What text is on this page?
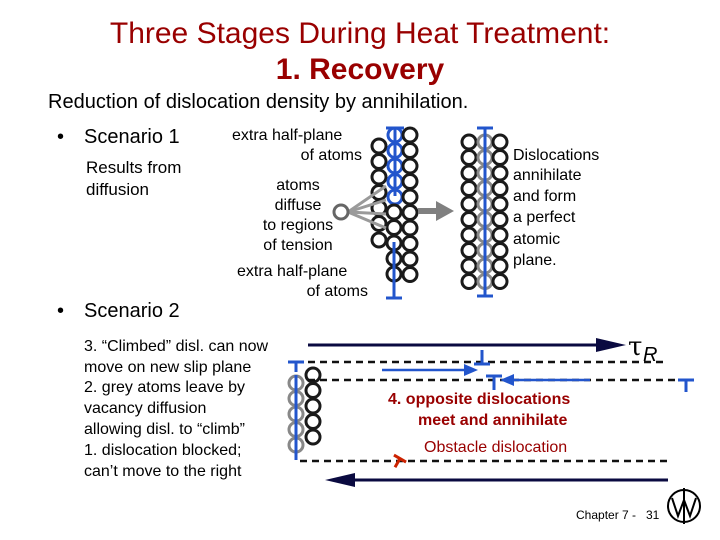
Three Stages During Heat Treatment:
1. Recovery
Reduction of dislocation density by annihilation.
• Scenario 1
Results from
diffusion
extra half-plane
of atoms
atoms
diffuse
to regions
of tension
extra half-plane
of atoms
Dislocations
annihilate
and form
a perfect
atomic
plane.
• Scenario 2
3. “Climbed” disl. can now
move on new slip plane
2. grey atoms leave by
vacancy diffusion
allowing disl. to “climb”
1. dislocation blocked;
can’t move to the right
τ R
4. opposite dislocations
meet and annihilate
Obstacle dislocation
Chapter 7 - 31
